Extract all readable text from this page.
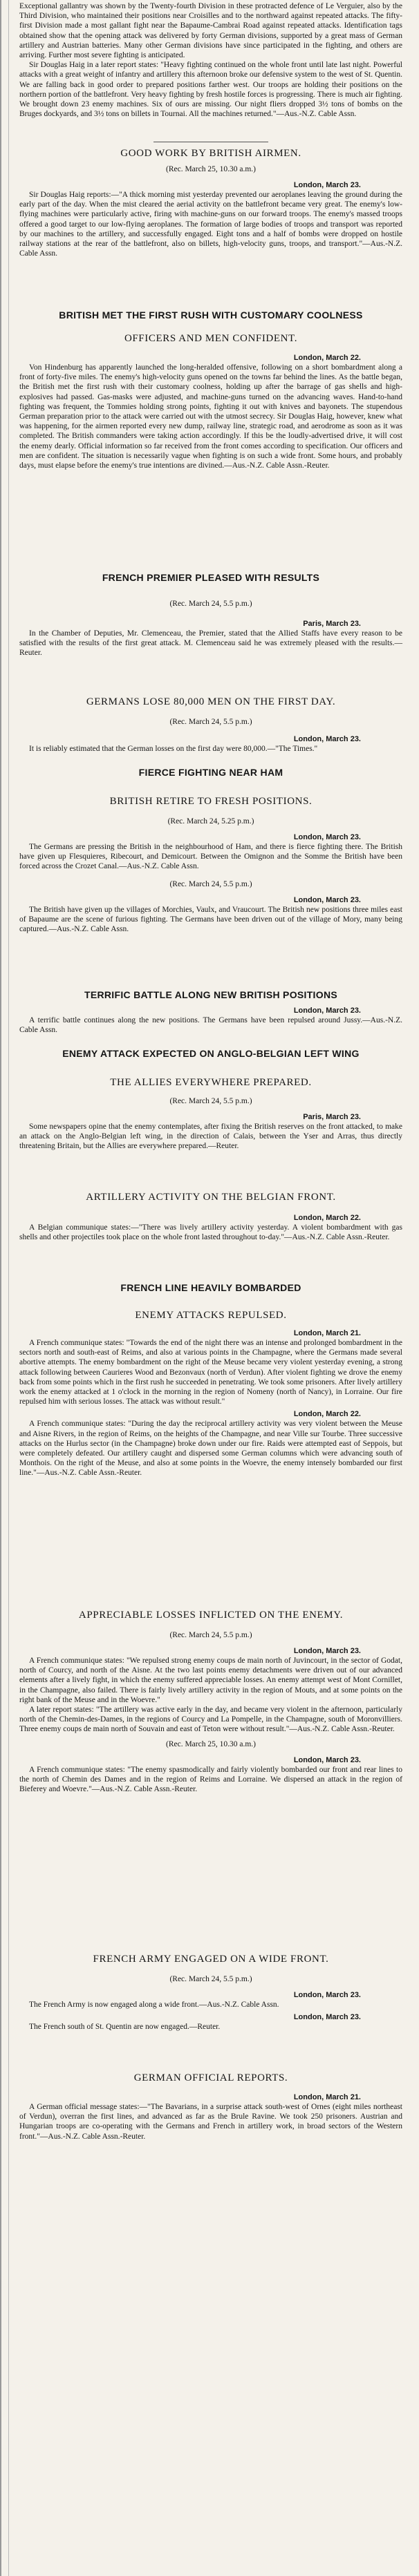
Exceptional gallantry was shown by the Twenty-fourth Division in these protracted defence of Le Verguier, also by the Third Division, who maintained their positions near Croisilles and to the northward against repeated attacks. The fifty-first Division made a most gallant fight near the Bapaume-Cambrai Road against repeated attacks. Identification tags obtained show that the opening attack was delivered by forty German divisions, supported by a great mass of German artillery and Austrian batteries. Many other German divisions have since participated in the fighting, and others are arriving. Further most severe fighting is anticipated.

Sir Douglas Haig in a later report states: "Heavy fighting continued on the whole front until late last night. Powerful attacks with a great weight of infantry and artillery this afternoon broke our defensive system to the west of St. Quentin. We are falling back in good order to prepared positions farther west. Our troops are holding their positions on the northern portion of the battlefront. Very heavy fighting by fresh hostile forces is progressing. There is much air fighting. We brought down 23 enemy machines. Six of ours are missing. Our night fliers dropped 3½ tons of bombs on the Bruges dockyards, and 3½ tons on billets in Tournai. All the machines returned."—Aus.-N.Z. Cable Assn.

GOOD WORK BY BRITISH AIRMEN.
(Rec. March 25, 10.30 a.m.)
London, March 23.

Sir Douglas Haig reports:—"A thick morning mist yesterday prevented our aeroplanes leaving the ground during the early part of the day. When the mist cleared the aerial activity on the battlefront became very great. The enemy's low-flying machines were particularly active, firing with machine-guns on our forward troops. The enemy's massed troops offered a good target to our low-flying aeroplanes. The formation of large bodies of troops and transport was reported by our machines to the artillery, and successfully engaged. Eight tons and a half of bombs were dropped on hostile railway stations at the rear of the battlefront, also on billets, high-velocity guns, troops, and transport."—Aus.-N.Z. Cable Assn.

BRITISH MET THE FIRST RUSH WITH CUSTOMARY COOLNESS
OFFICERS AND MEN CONFIDENT.
London, March 22.

Von Hindenburg has apparently launched the long-heralded offensive, following on a short bombardment along a front of forty-five miles. The enemy's high-velocity guns opened on the towns far behind the lines. As the battle began, the British met the first rush with their customary coolness, holding up after the barrage of gas shells and high-explosives had passed. Gas-masks were adjusted, and machine-guns turned on the advancing waves. Hand-to-hand fighting was frequent, the Tommies holding strong points, fighting it out with knives and bayonets. The stupendous German preparation prior to the attack were carried out with the utmost secrecy. Sir Douglas Haig, however, knew what was happening, for the airmen reported every new dump, railway line, strategic road, and aerodrome as soon as it was completed. The British commanders were taking action accordingly. If this be the loudly-advertised drive, it will cost the enemy dearly. Official information so far received from the front comes according to specification. Our officers and men are confident. The situation is necessarily vague when fighting is on such a wide front. Some hours, and probably days, must elapse before the enemy's true intentions are divined.—Aus.-N.Z. Cable Assn.-Reuter.

FRENCH PREMIER PLEASED WITH RESULTS
(Rec. March 24, 5.5 p.m.)
Paris, March 23.

In the Chamber of Deputies, Mr. Clemenceau, the Premier, stated that the Allied Staffs have every reason to be satisfied with the results of the first great attack. M. Clemenceau said he was extremely pleased with the results.—Reuter.

GERMANS LOSE 80,000 MEN ON THE FIRST DAY.
(Rec. March 24, 5.5 p.m.)
London, March 23.

It is reliably estimated that the German losses on the first day were 80,000.—"The Times."

FIERCE FIGHTING NEAR HAM
BRITISH RETIRE TO FRESH POSITIONS.
(Rec. March 24, 5.25 p.m.)
London, March 23.

The Germans are pressing the British in the neighbourhood of Ham, and there is fierce fighting there. The British have given up Flesquieres, Ribecourt, and Demicourt. Between the Omignon and the Somme the British have been forced across the Crozet Canal.—Aus.-N.Z. Cable Assn.

(Rec. March 24, 5.5 p.m.)
London, March 23.

The British have given up the villages of Morchies, Vaulx, and Vraucourt. The British new positions three miles east of Bapaume are the scene of furious fighting. The Germans have been driven out of the village of Mory, many being captured.—Aus.-N.Z. Cable Assn.

TERRIFIC BATTLE ALONG NEW BRITISH POSITIONS
London, March 23.

A terrific battle continues along the new positions. The Germans have been repulsed around Jussy.—Aus.-N.Z. Cable Assn.

ENEMY ATTACK EXPECTED ON ANGLO-BELGIAN LEFT WING
THE ALLIES EVERYWHERE PREPARED.
(Rec. March 24, 5.5 p.m.)
Paris, March 23.

Some newspapers opine that the enemy contemplates, after fixing the British reserves on the front attacked, to make an attack on the Anglo-Belgian left wing, in the direction of Calais, between the Yser and Arras, thus directly threatening Britain, but the Allies are everywhere prepared.—Reuter.

ARTILLERY ACTIVITY ON THE BELGIAN FRONT.
London, March 22.

A Belgian communique states:—"There was lively artillery activity yesterday. A violent bombardment with gas shells and other projectiles took place on the whole front lasted throughout to-day."—Aus.-N.Z. Cable Assn.-Reuter.

FRENCH LINE HEAVILY BOMBARDED
ENEMY ATTACKS REPULSED.
London, March 21.

A French communique states: "Towards the end of the night there was an intense and prolonged bombardment in the sectors north and south-east of Reims, and also at various points in the Champagne, where the Germans made several abortive attempts. The enemy bombardment on the right of the Meuse became very violent yesterday evening, a strong attack following between Caurieres Wood and Bezonvaux (north of Verdun). After violent fighting we drove the enemy back from some points which in the first rush he succeeded in penetrating. We took some prisoners. After lively artillery work the enemy attacked at 1 o'clock in the morning in the region of Nomeny (north of Nancy), in Lorraine. Our fire repulsed him with serious losses. The attack was without result."

London, March 22.

A French communique states: "During the day the reciprocal artillery activity was very violent between the Meuse and Aisne Rivers, in the region of Reims, on the heights of the Champagne, and near Ville sur Tourbe. Three successive attacks on the Hurlus sector (in the Champagne) broke down under our fire. Raids were attempted east of Seppois, but were completely defeated. Our artillery caught and dispersed some German columns which were advancing south of Monthois. On the right of the Meuse, and also at some points in the Woevre, the enemy intensely bombarded our first line."—Aus.-N.Z. Cable Assn.-Reuter.

APPRECIABLE LOSSES INFLICTED ON THE ENEMY.
(Rec. March 24, 5.5 p.m.)
London, March 23.

A French communique states: "We repulsed strong enemy coups de main north of Juvincourt, in the sector of Godat, north of Courcy, and north of the Aisne. At the two last points enemy detachments were driven out of our advanced elements after a lively fight, in which the enemy suffered appreciable losses. An enemy attempt west of Mont Cornillet, in the Champagne, also failed. There is fairly lively artillery activity in the region of Mouts, and at some points on the right bank of the Meuse and in the Woevre."

A later report states: "The artillery was active early in the day, and became very violent in the afternoon, particularly north of the Chemin-des-Dames, in the regions of Courcy and La Pompelle, in the Champagne, south of Moronvilliers. Three enemy coups de main north of Souvain and east of Teton were without result."—Aus.-N.Z. Cable Assn.-Reuter.

(Rec. March 25, 10.30 a.m.)
London, March 23.

A French communique states: "The enemy spasmodically and fairly violently bombarded our front and rear lines to the north of Chemin des Dames and in the region of Reims and Lorraine. We dispersed an attack in the region of Bieferey and Woevre."—Aus.-N.Z. Cable Assn.-Reuter.

FRENCH ARMY ENGAGED ON A WIDE FRONT.
(Rec. March 24, 5.5 p.m.)
London, March 23.

The French Army is now engaged along a wide front.—Aus.-N.Z. Cable Assn.

London, March 23.

The French south of St. Quentin are now engaged.—Reuter.

GERMAN OFFICIAL REPORTS.
London, March 21.

A German official message states:—"The Bavarians, in a surprise attack south-west of Ornes (eight miles northeast of Verdun), overran the first lines, and advanced as far as the Brule Ravine. We took 250 prisoners. Austrian and Hungarian troops are co-operating with the Germans and French in artillery work, in broad sectors of the Western front."—Aus.-N.Z. Cable Assn.-Reuter.
